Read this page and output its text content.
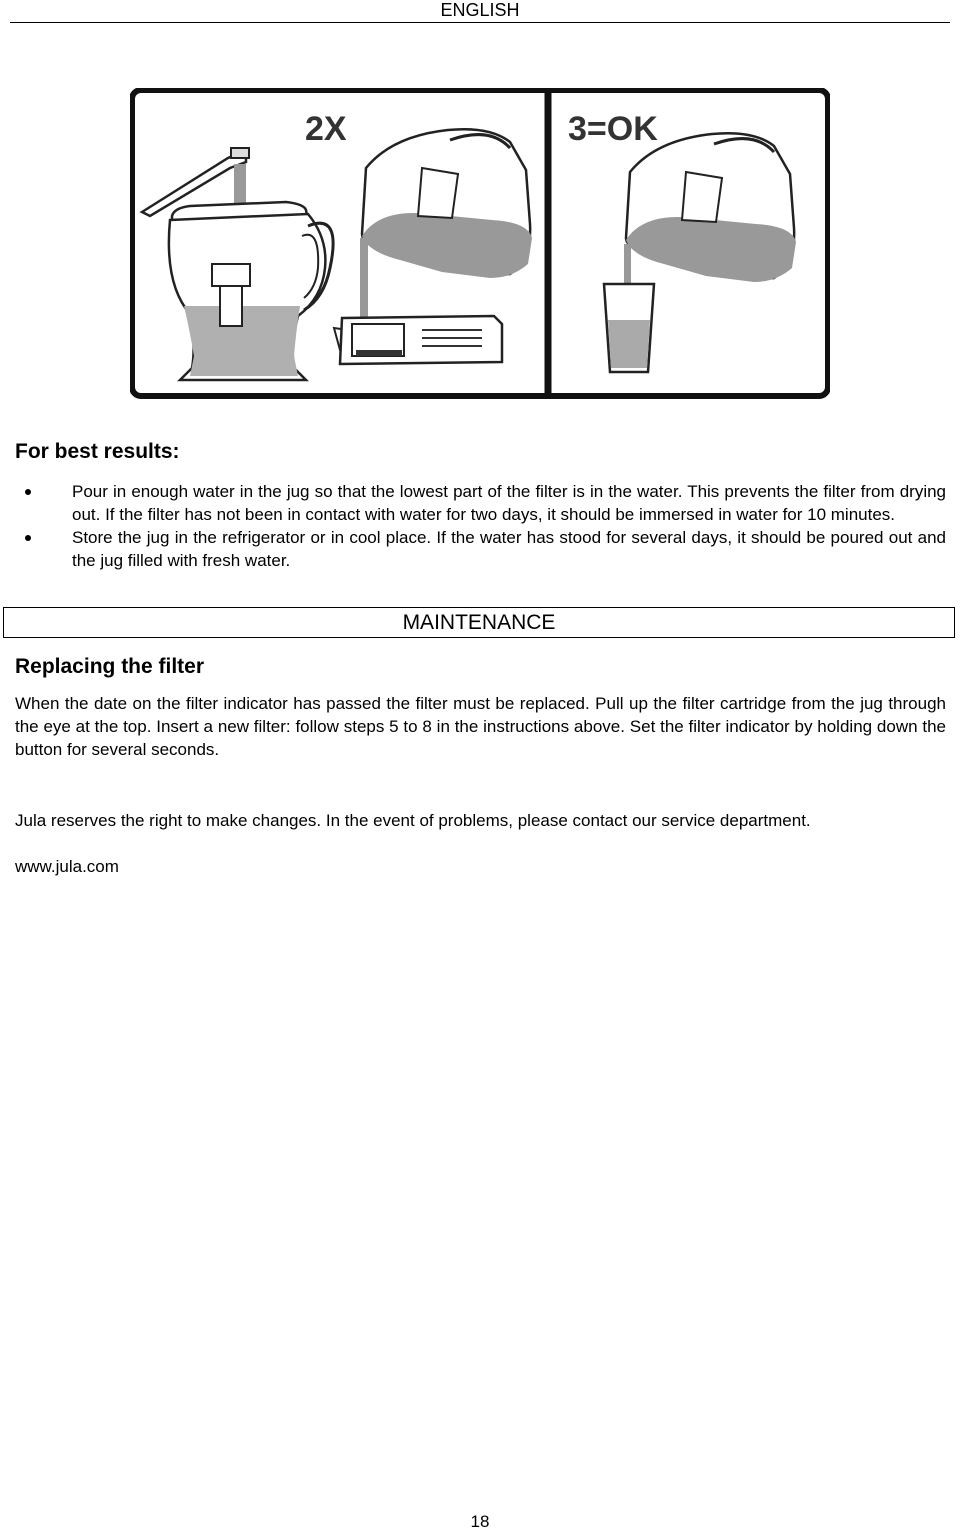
ENGLISH
2X	3=OK
For best results:
Pour in enough water in the jug so that the lowest part of the filter is in the water. This prevents the filter from drying out. If the filter has not been in contact with water for two days, it should be immersed in water for 10 minutes.
Store the jug in the refrigerator or in cool place. If the water has stood for several days, it should be poured out and the jug filled with fresh water.
MAINTENANCE
Replacing the filter

When the date on the filter indicator has passed the filter must be replaced. Pull up the filter cartridge from the jug through the eye at the top. Insert a new filter: follow steps 5 to 8 in the instructions above. Set the filter indicator by holding down the button for several seconds.

Jula reserves the right to make changes. In the event of problems, please contact our service department.

www.jula.com

18
